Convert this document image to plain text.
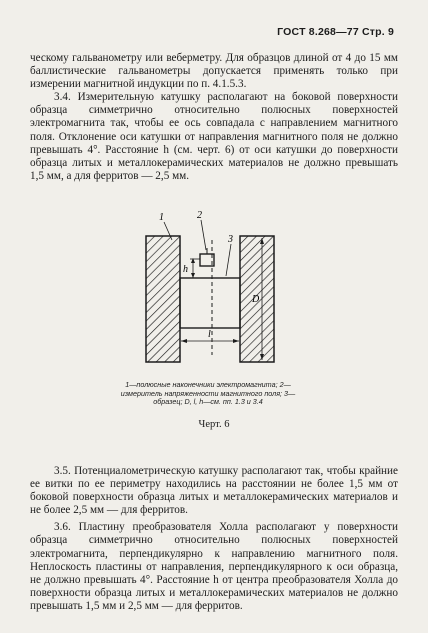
ГОСТ 8.268—77 Стр. 9

ческому гальванометру или веберметру. Для образцов длиной от 4 до 15 мм баллистические гальванометры допускается применять только при измерении магнитной индукции по п. 4.1.5.3.

3.4. Измерительную катушку располагают на боковой поверхности образца симметрично относительно полюсных поверхностей электромагнита так, чтобы ее ось совпадала с направлением магнитного поля. Отклонение оси катушки от направления магнитного поля не должно превышать 4°. Расстояние h (см. черт. 6) от оси катушки до поверхности образца литых и металлокерамических материалов не должно превышать 1,5 мм, а для ферритов — 2,5 мм.

1	2
3
h
D
l
1—полюсные наконечники электромагнита; 2—измеритель напряженности магнитного поля; 3—образец; D, l, h—см. пп. 1.3 и 3.4
Черт. 6

3.5. Потенциалометрическую катушку располагают так, чтобы крайние ее витки по ее периметру находились на расстоянии не более 1,5 мм от боковой поверхности образца литых и металлокерамических материалов и не более 2,5 мм — для ферритов.

3.6. Пластину преобразователя Холла располагают у поверхности образца симметрично относительно полюсных поверхностей электромагнита, перпендикулярно к направлению магнитного поля. Неплоскость пластины от направления, перпендикулярного к оси образца, не должно превышать 4°. Расстояние h от центра преобразователя Холла до поверхности образца литых и металлокерамических материалов не должно превышать 1,5 мм и 2,5 мм — для ферритов.
